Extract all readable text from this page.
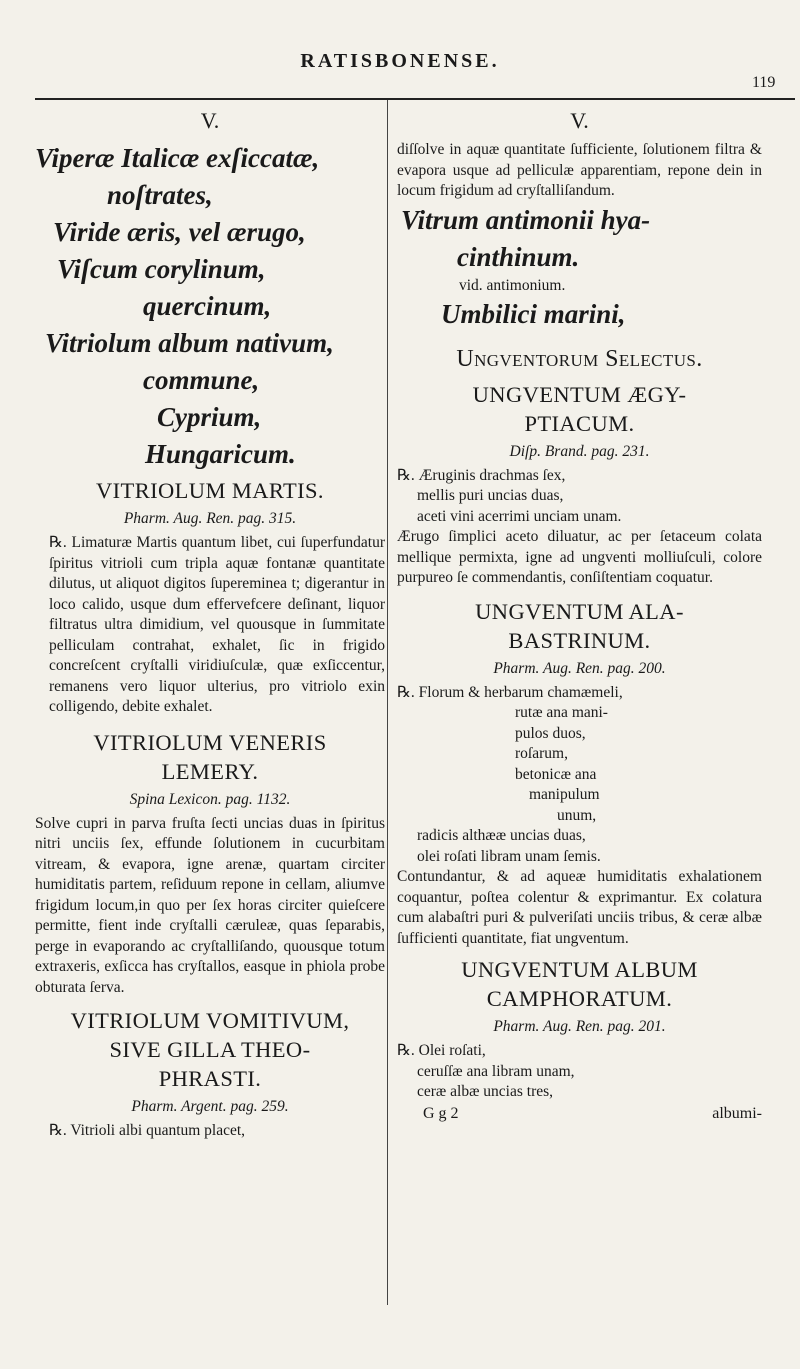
RATISBONENSE.
119
V.

Viperæ Italicæ exſiccatæ,

noſtrates,

Viride æris, vel ærugo,

Viſcum corylinum,

quercinum,

Vitriolum album nativum,

commune,

Cyprium,

Hungaricum.

VITRIOLUM MARTIS.

Pharm. Aug. Ren. pag. 315.

℞. Limaturæ Martis quantum libet, cui ſuperfundatur ſpiritus vitrioli cum tripla aquæ fontanæ quantitate dilutus, ut aliquot digitos ſupereminea t; digerantur in loco calido, usque dum effervefcere deſinant, liquor filtratus ultra dimidium, vel quousque in ſummitate pelliculam contrahat, exhalet, ſic in frigido concreſcent cryſtalli viridiuſculæ, quæ exſiccentur, remanens vero liquor ulterius, pro vitriolo exin colligendo, debite exhalet.

VITRIOLUM VENERIS

LEMERY.

Spina Lexicon. pag. 1132.

Solve cupri in parva fruſta ſecti uncias duas in ſpiritus nitri unciis ſex, effunde ſolutionem in cucurbitam vitream, & evapora, igne arenæ, quartam circiter humiditatis partem, reſiduum repone in cellam, aliumve frigidum locum,in quo per ſex horas circiter quieſcere permitte, fient inde cryſtalli cæruleæ, quas ſeparabis, perge in evaporando ac cryſtalliſando, quousque totum extraxeris, exſicca has cryſtallos, easque in phiola probe obturata ſerva.

VITRIOLUM VOMITIVUM,

SIVE GILLA THEO-

PHRASTI.

Pharm. Argent. pag. 259.

℞. Vitrioli albi quantum placet,

V.

diſſolve in aquæ quantitate ſufficiente, ſolutionem filtra & evapora usque ad pelliculæ apparentiam, repone dein in locum frigidum ad cryſtalliſandum.

Vitrum antimonii hya-

cinthinum.

vid. antimonium.

Umbilici marini,

Ungventorum Selectus.

UNGVENTUM ÆGY-

PTIACUM.

Diſp. Brand. pag. 231.

℞. Æruginis drachmas ſex,

mellis puri uncias duas,

aceti vini acerrimi unciam unam.

Ærugo ſimplici aceto diluatur, ac per ſetaceum colata mellique permixta, igne ad ungventi molliuſculi, colore purpureo ſe commendantis, conſiſtentiam coquatur.

UNGVENTUM ALA-

BASTRINUM.

Pharm. Aug. Ren. pag. 200.

℞. Florum & herbarum chamæmeli,

rutæ ana mani-

pulos duos,

roſarum,

betonicæ ana

manipulum

unum,

radicis althææ uncias duas,

olei roſati libram unam ſemis.

Contundantur, & ad aqueæ humiditatis exhalationem coquantur, poſtea colentur & exprimantur. Ex colatura cum alabaſtri puri & pulveriſati unciis tribus, & ceræ albæ ſufficienti quantitate, fiat ungventum.

UNGVENTUM ALBUM

CAMPHORATUM.

Pharm. Aug. Ren. pag. 201.

℞. Olei roſati,

ceruſſæ ana libram unam,

ceræ albæ uncias tres,

G g 2	albumi-
